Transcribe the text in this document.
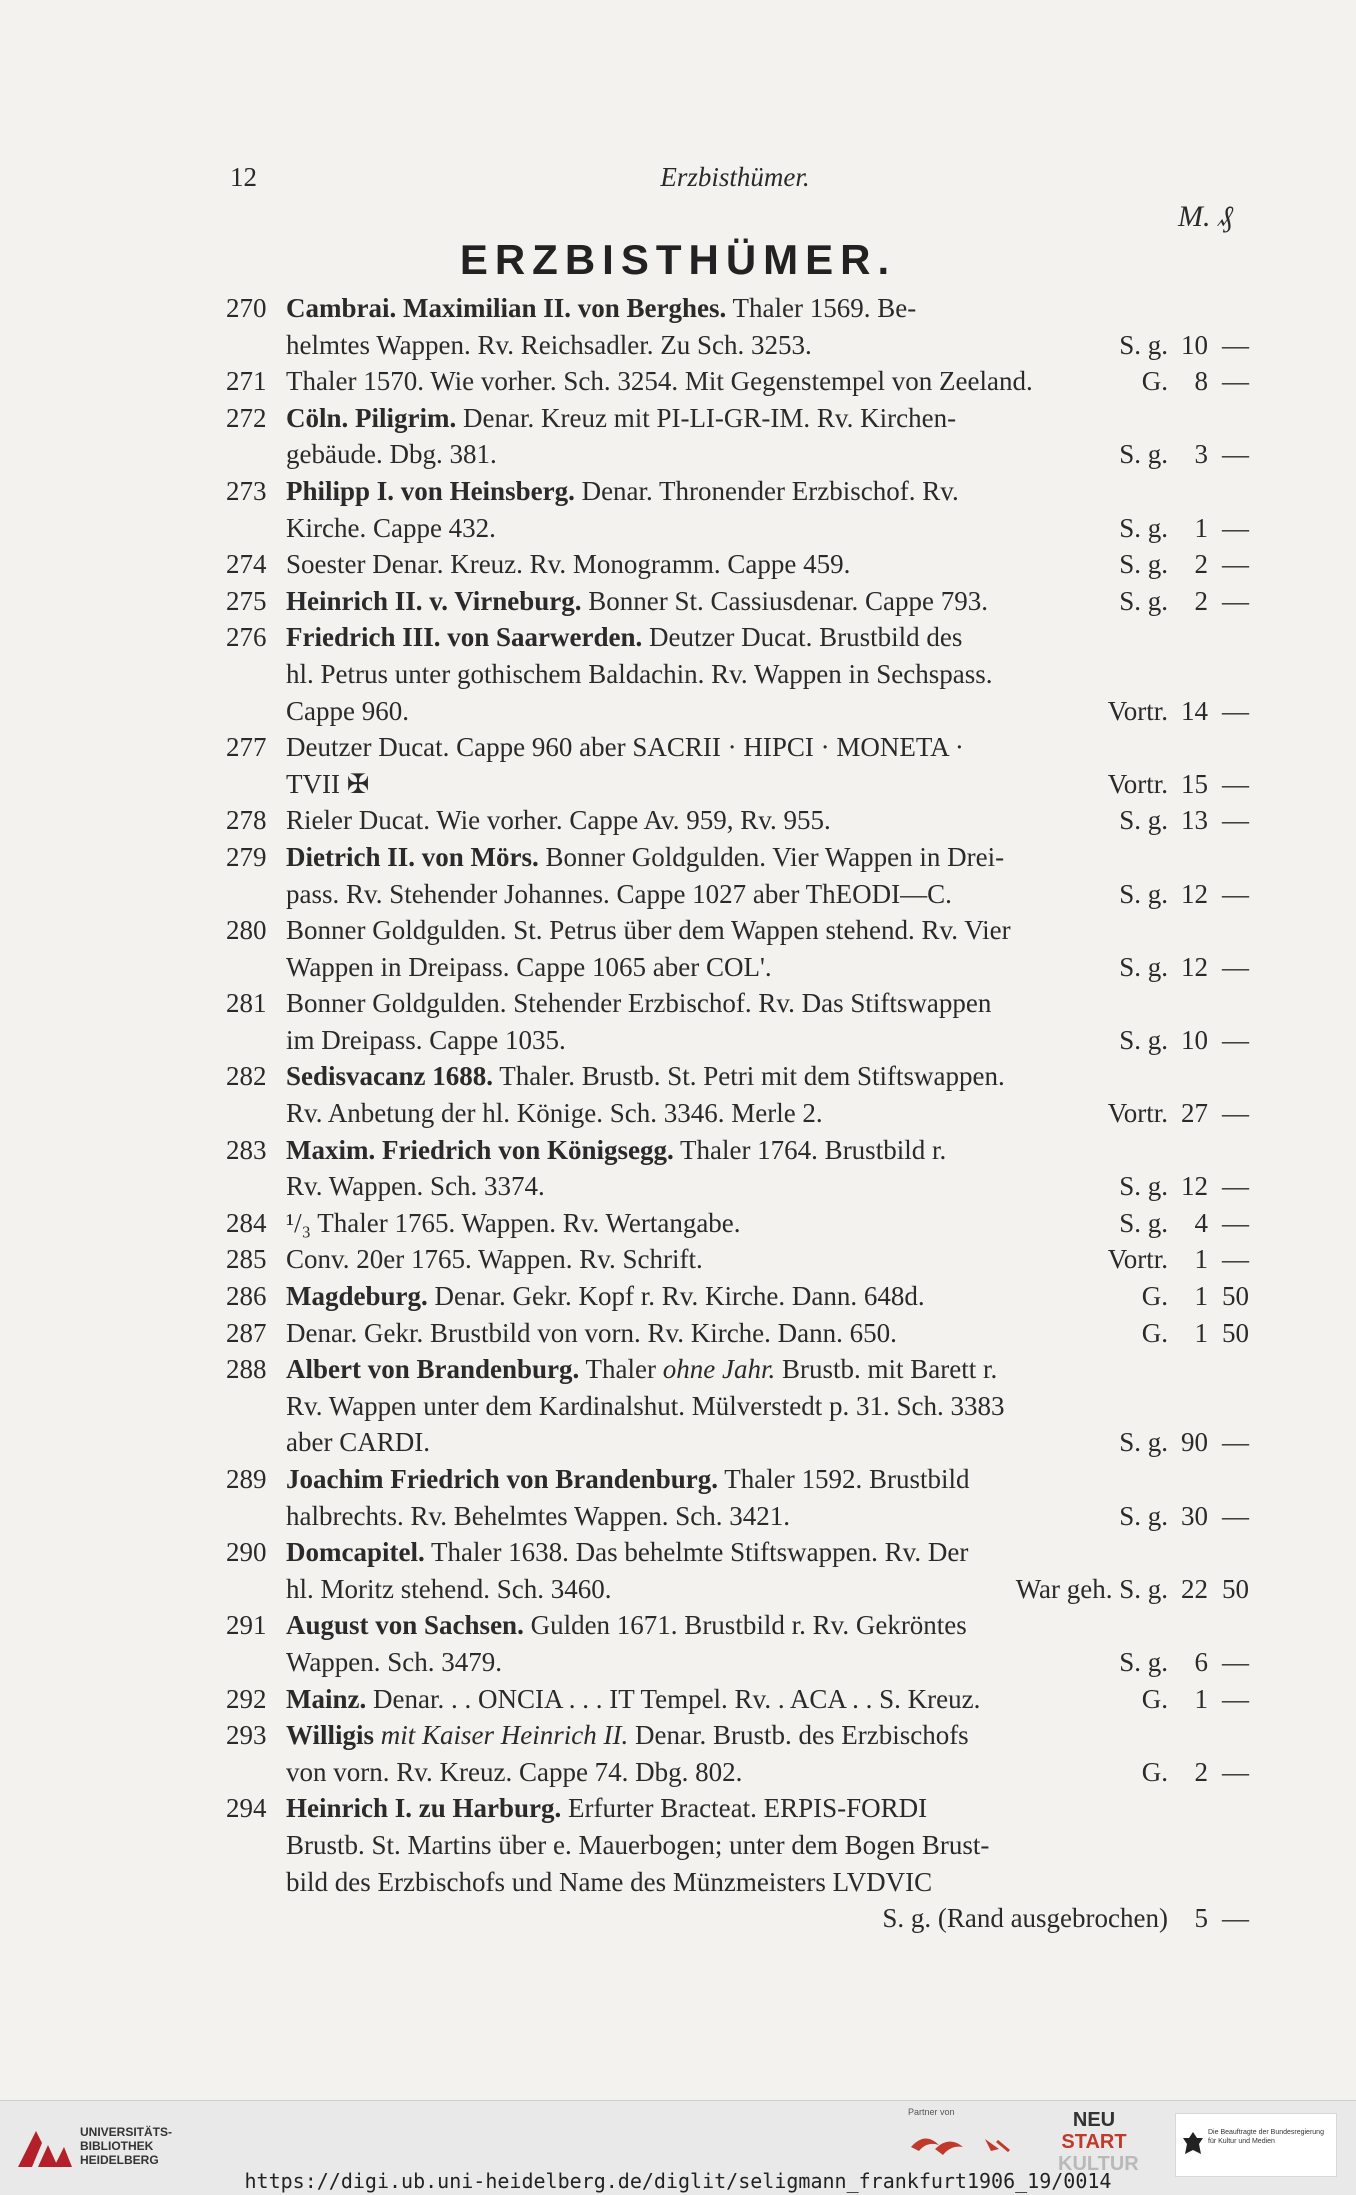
12	Erzbisthümer.
M. ₰
ERZBISTHÜMER.
270 Cambrai. Maximilian II. von Berghes. Thaler 1569. Be-
helmtes Wappen. Rv. Reichsadler. Zu Sch. 3253.	S. g. 10 —
271 Thaler 1570. Wie vorher. Sch. 3254. Mit Gegenstempel von Zeeland.	G. 8 —
272 Cöln. Piligrim. Denar. Kreuz mit PI-LI-GR-IM. Rv. Kirchen-
gebäude. Dbg. 381.	S. g. 3 —
273 Philipp I. von Heinsberg. Denar. Thronender Erzbischof. Rv.
Kirche. Cappe 432.	S. g. 1 —
274 Soester Denar. Kreuz. Rv. Monogramm. Cappe 459.	S. g. 2 —
275 Heinrich II. v. Virneburg. Bonner St. Cassiusdenar. Cappe 793.	S. g. 2 —
276 Friedrich III. von Saarwerden. Deutzer Ducat. Brustbild des
hl. Petrus unter gothischem Baldachin. Rv. Wappen in Sechspass.
Cappe 960.	Vortr. 14 —
277 Deutzer Ducat. Cappe 960 aber SACRII · HIPCI · MONETA ·
TVII ✠	Vortr. 15 —
278 Rieler Ducat. Wie vorher. Cappe Av. 959, Rv. 955.	S. g. 13 —
279 Dietrich II. von Mörs. Bonner Goldgulden. Vier Wappen in Drei-
pass. Rv. Stehender Johannes. Cappe 1027 aber ThEODI—C.	S. g. 12 —
280 Bonner Goldgulden. St. Petrus über dem Wappen stehend. Rv. Vier
Wappen in Dreipass. Cappe 1065 aber COL'.	S. g. 12 —
281 Bonner Goldgulden. Stehender Erzbischof. Rv. Das Stiftswappen
im Dreipass. Cappe 1035.	S. g. 10 —
282 Sedisvacanz 1688. Thaler. Brustb. St. Petri mit dem Stiftswappen.
Rv. Anbetung der hl. Könige. Sch. 3346. Merle 2.	Vortr. 27 —
283 Maxim. Friedrich von Königsegg. Thaler 1764. Brustbild r.
Rv. Wappen. Sch. 3374.	S. g. 12 —
284 ¹/₃ Thaler 1765. Wappen. Rv. Wertangabe.	S. g. 4 —
285 Conv. 20er 1765. Wappen. Rv. Schrift.	Vortr. 1 —
286 Magdeburg. Denar. Gekr. Kopf r. Rv. Kirche. Dann. 648d.	G. 1 50
287 Denar. Gekr. Brustbild von vorn. Rv. Kirche. Dann. 650.	G. 1 50
288 Albert von Brandenburg. Thaler ohne Jahr. Brustb. mit Barett r.
Rv. Wappen unter dem Kardinalshut. Mülverstedt p. 31. Sch. 3383
aber CARDI.	S. g. 90 —
289 Joachim Friedrich von Brandenburg. Thaler 1592. Brustbild
halbrechts. Rv. Behelmtes Wappen. Sch. 3421.	S. g. 30 —
290 Domcapitel. Thaler 1638. Das behelmte Stiftswappen. Rv. Der
hl. Moritz stehend. Sch. 3460.	War geh. S. g. 22 50
291 August von Sachsen. Gulden 1671. Brustbild r. Rv. Gekröntes
Wappen. Sch. 3479.	S. g. 6 —
292 Mainz. Denar. . . ONCIA . . . IT Tempel. Rv. . ACA . . S. Kreuz.	G. 1 —
293 Willigis mit Kaiser Heinrich II. Denar. Brustb. des Erzbischofs
von vorn. Rv. Kreuz. Cappe 74. Dbg. 802.	G. 2 —
294 Heinrich I. zu Harburg. Erfurter Bracteat. ERPIS-FORDI
Brustb. St. Martins über e. Mauerbogen; unter dem Bogen Brust-
bild des Erzbischofs und Name des Münzmeisters LVDVIC
S. g. (Rand ausgebrochen) 5 —
UNIVERSITÄTS-
BIBLIOTHEK
HEIDELBERG
Partner von	NEU
START
KULTUR
Die Beauftragte der Bundesregierung
für Kultur und Medien
https://digi.ub.uni-heidelberg.de/diglit/seligmann_frankfurt1906_19/0014
